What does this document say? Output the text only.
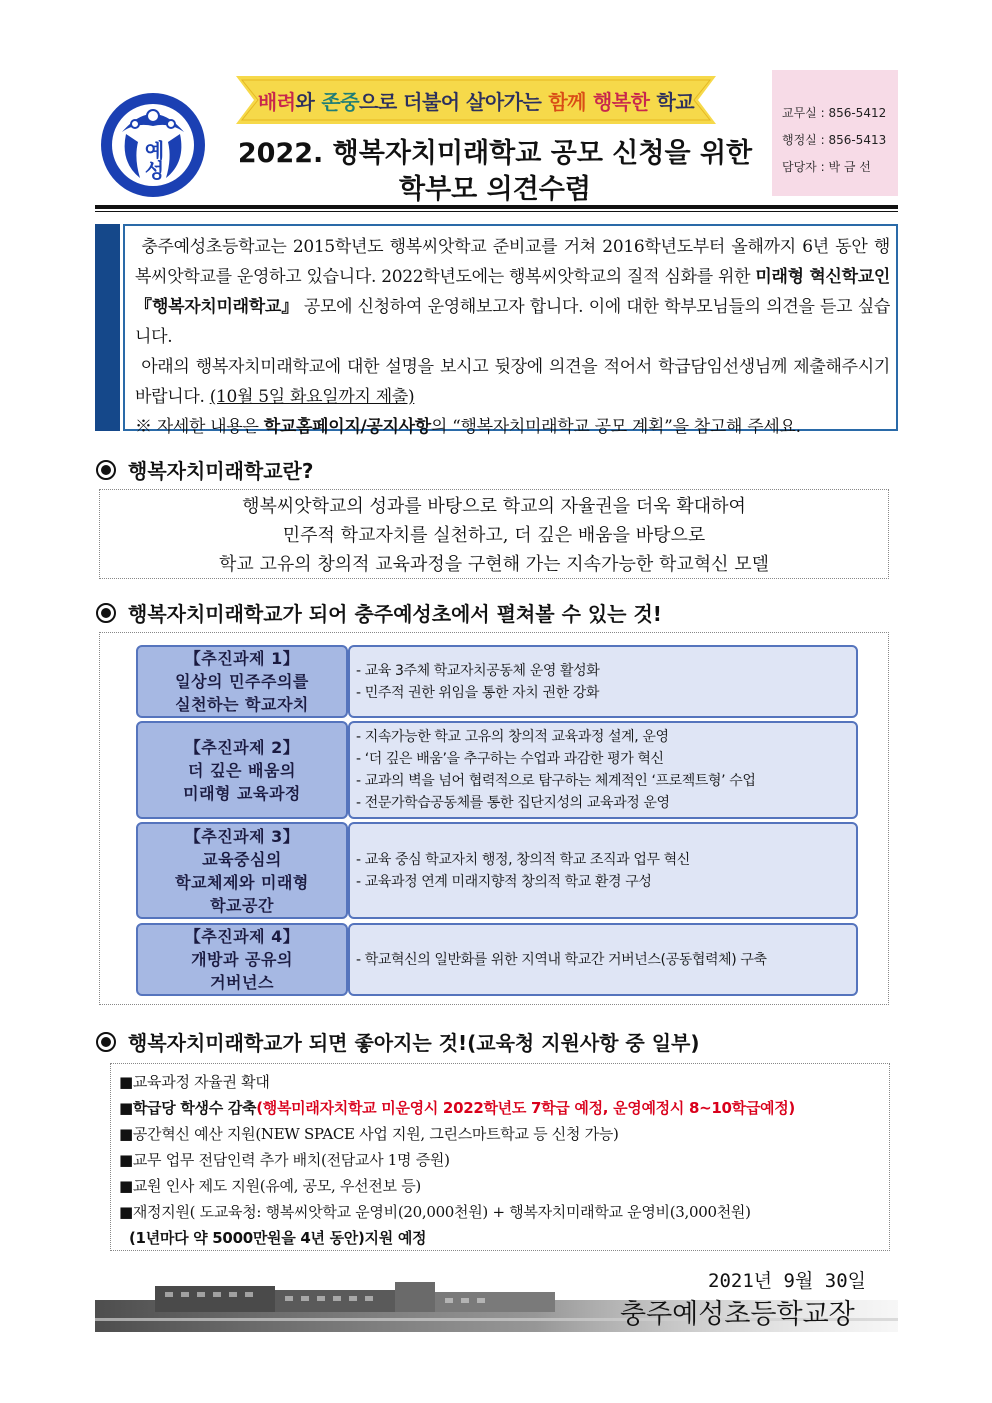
예성
배려와 존중으로 더불어 살아가는 함께 행복한 학교
2022. 행복자치미래학교 공모 신청을 위한
학부모 의견수렴
교무실 : 856-5412
행정실 : 856-5413
담당자 : 박 금 선

충주예성초등학교는 2015학년도 행복씨앗학교 준비교를 거쳐 2016학년도부터 올해까지 6년 동안 행복씨앗학교를 운영하고 있습니다. 2022학년도에는 행복씨앗학교의 질적 심화를 위한 미래형 혁신학교인『행복자치미래학교』 공모에 신청하여 운영해보고자 합니다. 이에 대한 학부모님들의 의견을 듣고 싶습니다.

아래의 행복자치미래학교에 대한 설명을 보시고 뒷장에 의견을 적어서 학급담임선생님께 제출해주시기 바랍니다. (10월 5일 화요일까지 제출)

※ 자세한 내용은 학교홈페이지/공지사항의 “행복자치미래학교 공모 계획”을 참고해 주세요.

행복자치미래학교란?
행복씨앗학교의 성과를 바탕으로 학교의 자율권을 더욱 확대하여
민주적 학교자치를 실천하고, 더 깊은 배움을 바탕으로
학교 고유의 창의적 교육과정을 구현해 가는 지속가능한 학교혁신 모델
행복자치미래학교가 되어 충주예성초에서 펼쳐볼 수 있는 것!
【추진과제 1】
일상의 민주주의를
실천하는 학교자치
- 교육 3주체 학교자치공동체 운영 활성화
- 민주적 권한 위임을 통한 자치 권한 강화
【추진과제 2】
더 깊은 배움의
미래형 교육과정
- 지속가능한 학교 고유의 창의적 교육과정 설계, 운영
- ‘더 깊은 배움’을 추구하는 수업과 과감한 평가 혁신
- 교과의 벽을 넘어 협력적으로 탐구하는 체계적인 ‘프로젝트형’ 수업
- 전문가학습공동체를 통한 집단지성의 교육과정 운영
【추진과제 3】
교육중심의
학교체제와 미래형
학교공간
- 교육 중심 학교자치 행정, 창의적 학교 조직과 업무 혁신
- 교육과정 연계 미래지향적 창의적 학교 환경 구성
【추진과제 4】
개방과 공유의
거버넌스
- 학교혁신의 일반화를 위한 지역내 학교간 거버넌스(공동협력체) 구축
행복자치미래학교가 되면 좋아지는 것!(교육청 지원사항 중 일부)
■교육과정 자율권 확대
■학급당 학생수 감축(행복미래자치학교 미운영시 2022학년도 7학급 예정, 운영예정시 8~10학급예정)
■공간혁신 예산 지원(NEW SPACE 사업 지원, 그린스마트학교 등 신청 가능)
■교무 업무 전담인력 추가 배치(전담교사 1명 증원)
■교원 인사 제도 지원(유예, 공모, 우선전보 등)
■재정지원( 도교육청: 행복씨앗학교 운영비(20,000천원) + 행복자치미래학교 운영비(3,000천원)
(1년마다 약 5000만원을 4년 동안)지원 예정
2021년 9월 30일
충주예성초등학교장
